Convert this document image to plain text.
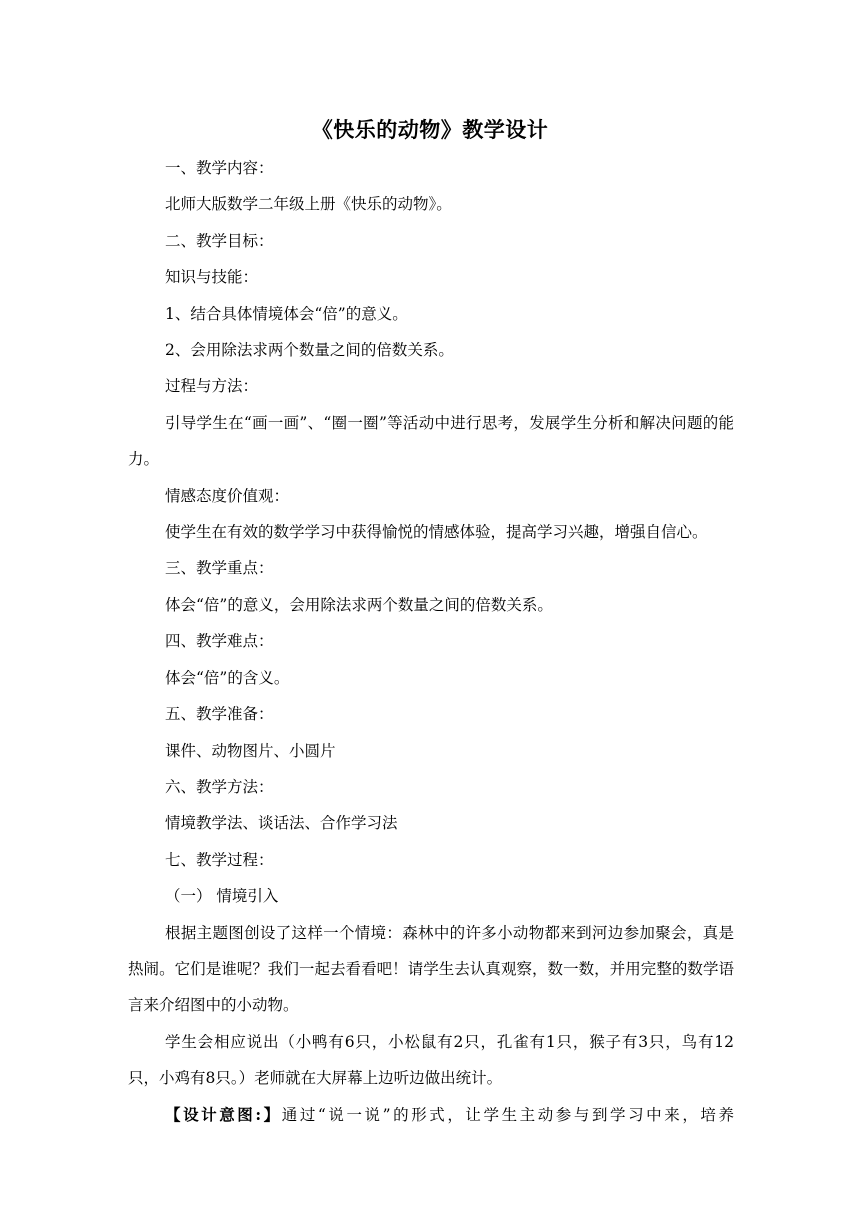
《快乐的动物》教学设计

一、教学内容：

北师大版数学二年级上册《快乐的动物》。

二、教学目标：

知识与技能：

1、结合具体情境体会“倍”的意义。

2、会用除法求两个数量之间的倍数关系。

过程与方法：

引导学生在“画一画”、“圈一圈”等活动中进行思考，发展学生分析和解决问题的能力。

情感态度价值观：

使学生在有效的数学学习中获得愉悦的情感体验，提高学习兴趣，增强自信心。

三、教学重点：

体会“倍”的意义，会用除法求两个数量之间的倍数关系。

四、教学难点：

体会“倍”的含义。

五、教学准备：

课件、动物图片、小圆片

六、教学方法：

情境教学法、谈话法、合作学习法

七、教学过程：

（一） 情境引入

根据主题图创设了这样一个情境：森林中的许多小动物都来到河边参加聚会，真是热闹。它们是谁呢？我们一起去看看吧！请学生去认真观察，数一数，并用完整的数学语言来介绍图中的小动物。

学生会相应说出（小鸭有6只，小松鼠有2只，孔雀有1只，猴子有3只，鸟有12只，小鸡有8只。）老师就在大屏幕上边听边做出统计。

【设计意图:】通过“说一说”的形式，让学生主动参与到学习中来，培养
